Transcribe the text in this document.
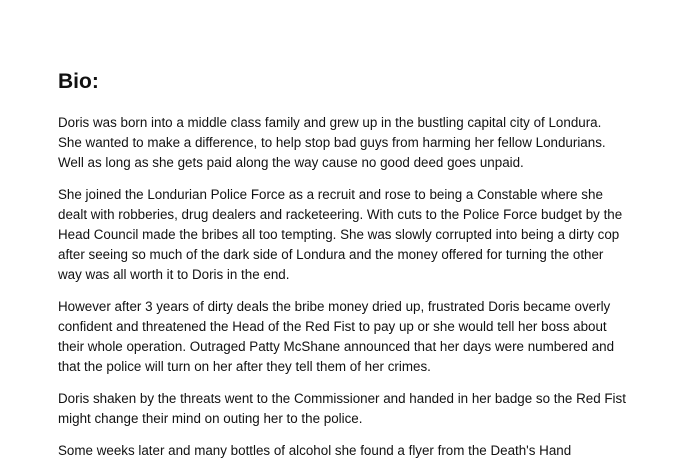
Bio:

Doris was born into a middle class family and grew up in the bustling capital city of Londura. She wanted to make a difference, to help stop bad guys from harming her fellow Londurians. Well as long as she gets paid along the way cause no good deed goes unpaid.

She joined the Londurian Police Force as a recruit and rose to being a Constable where she dealt with robberies, drug dealers and racketeering. With cuts to the Police Force budget by the Head Council made the bribes all too tempting. She was slowly corrupted into being a dirty cop after seeing so much of the dark side of Londura and the money offered for turning the other way was all worth it to Doris in the end.

However after 3 years of dirty deals the bribe money dried up, frustrated Doris became overly confident and threatened the Head of the Red Fist to pay up or she would tell her boss about their whole operation. Outraged Patty McShane announced that her days were numbered and that the police will turn on her after they tell them of her crimes.

Doris shaken by the threats went to the Commissioner and handed in her badge so the Red Fist might change their mind on outing her to the police.

Some weeks later and many bottles of alcohol she found a flyer from the Death's Hand
